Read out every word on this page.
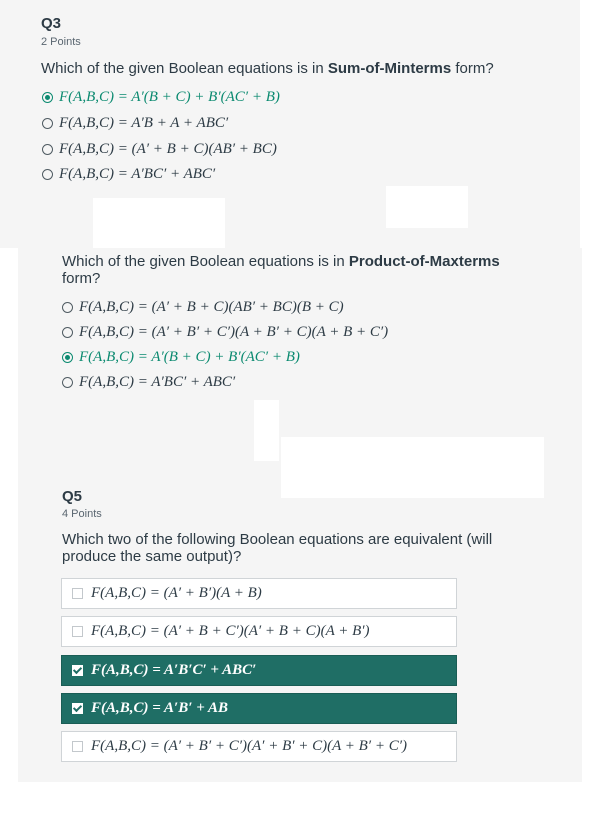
Q3
2 Points
Which of the given Boolean equations is in Sum-of-Minterms form?
F(A,B,C) = A′(B + C) + B′(AC′ + B)
F(A,B,C) = A′B + A + ABC′
F(A,B,C) = (A′ + B + C)(AB′ + BC)
F(A,B,C) = A′BC′ + ABC′
Which of the given Boolean equations is in Product-of-Maxterms form?
F(A,B,C) = (A′ + B + C)(AB′ + BC)(B + C)
F(A,B,C) = (A′ + B′ + C′)(A + B′ + C)(A + B + C′)
F(A,B,C) = A′(B + C) + B′(AC′ + B)
F(A,B,C) = A′BC′ + ABC′
Q5
4 Points
Which two of the following Boolean equations are equivalent (will produce the same output)?
F(A,B,C) = (A′ + B′)(A + B)
F(A,B,C) = (A′ + B + C′)(A′ + B + C)(A + B′)
F(A,B,C) = A′B′C′ + ABC′
F(A,B,C) = A′B′ + AB
F(A,B,C) = (A′ + B′ + C′)(A′ + B′ + C)(A + B′ + C′)
